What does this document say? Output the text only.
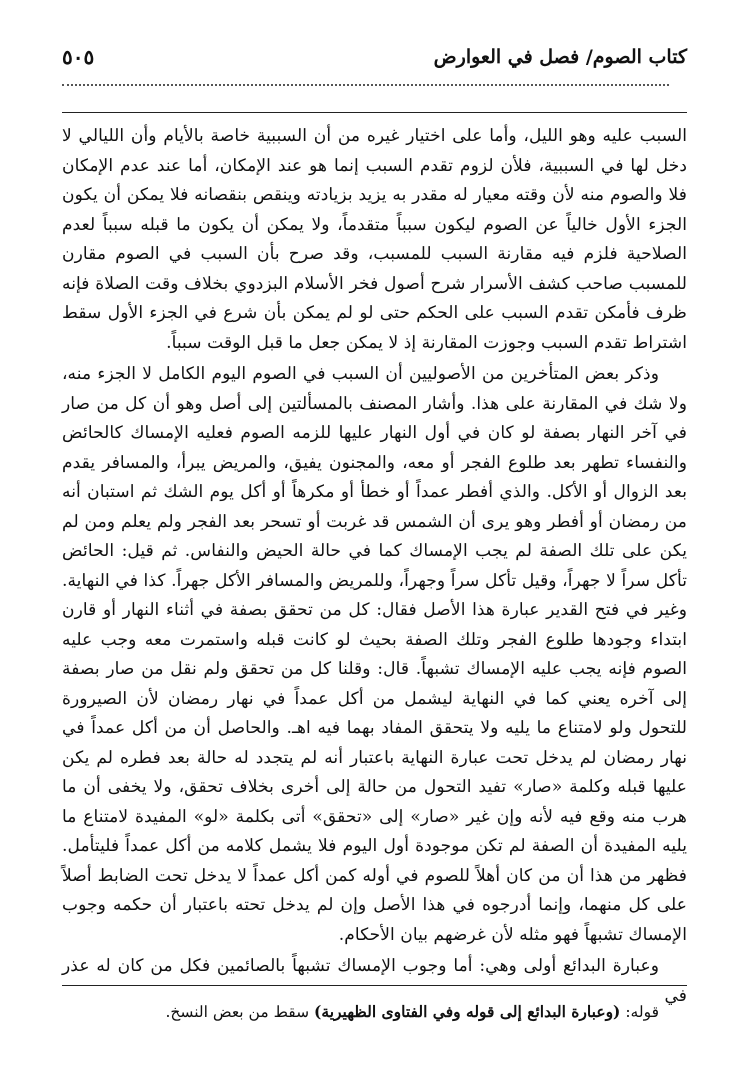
كتاب الصوم/ فصل في العوارض
٥٠٥

السبب عليه وهو الليل، وأما على اختيار غيره من أن السببية خاصة بالأيام وأن الليالي لا دخل لها في السببية، فلأن لزوم تقدم السبب إنما هو عند الإمكان، أما عند عدم الإمكان فلا والصوم منه لأن وقته معيار له مقدر به يزيد بزيادته وينقص بنقصانه فلا يمكن أن يكون الجزء الأول خالياً عن الصوم ليكون سبباً متقدماً، ولا يمكن أن يكون ما قبله سبباً لعدم الصلاحية فلزم فيه مقارنة السبب للمسبب، وقد صرح بأن السبب في الصوم مقارن للمسبب صاحب كشف الأسرار شرح أصول فخر الأسلام البزدوي بخلاف وقت الصلاة فإنه ظرف فأمكن تقدم السبب على الحكم حتى لو لم يمكن بأن شرع في الجزء الأول سقط اشتراط تقدم السبب وجوزت المقارنة إذ لا يمكن جعل ما قبل الوقت سبباً.

وذكر بعض المتأخرين من الأصوليين أن السبب في الصوم اليوم الكامل لا الجزء منه، ولا شك في المقارنة على هذا. وأشار المصنف بالمسألتين إلى أصل وهو أن كل من صار في آخر النهار بصفة لو كان في أول النهار عليها للزمه الصوم فعليه الإمساك كالحائض والنفساء تطهر بعد طلوع الفجر أو معه، والمجنون يفيق، والمريض يبرأ، والمسافر يقدم بعد الزوال أو الأكل. والذي أفطر عمداً أو خطأ أو مكرهاً أو أكل يوم الشك ثم استبان أنه من رمضان أو أفطر وهو يرى أن الشمس قد غربت أو تسحر بعد الفجر ولم يعلم ومن لم يكن على تلك الصفة لم يجب الإمساك كما في حالة الحيض والنفاس. ثم قيل: الحائض تأكل سراً لا جهراً، وقيل تأكل سراً وجهراً، وللمريض والمسافر الأكل جهراً. كذا في النهاية. وغير في فتح القدير عبارة هذا الأصل فقال: كل من تحقق بصفة في أثناء النهار أو قارن ابتداء وجودها طلوع الفجر وتلك الصفة بحيث لو كانت قبله واستمرت معه وجب عليه الصوم فإنه يجب عليه الإمساك تشبهاً. قال: وقلنا كل من تحقق ولم نقل من صار بصفة إلى آخره يعني كما في النهاية ليشمل من أكل عمداً في نهار رمضان لأن الصيرورة للتحول ولو لامتناع ما يليه ولا يتحقق المفاد بهما فيه اهـ. والحاصل أن من أكل عمداً في نهار رمضان لم يدخل تحت عبارة النهاية باعتبار أنه لم يتجدد له حالة بعد فطره لم يكن عليها قبله وكلمة «صار» تفيد التحول من حالة إلى أخرى بخلاف تحقق، ولا يخفى أن ما هرب منه وقع فيه لأنه وإن غير «صار» إلى «تحقق» أتى بكلمة «لو» المفيدة لامتناع ما يليه المفيدة أن الصفة لم تكن موجودة أول اليوم فلا يشمل كلامه من أكل عمداً فليتأمل. فظهر من هذا أن من كان أهلاً للصوم في أوله كمن أكل عمداً لا يدخل تحت الضابط أصلاً على كل منهما، وإنما أدرجوه في هذا الأصل وإن لم يدخل تحته باعتبار أن حكمه وجوب الإمساك تشبهاً فهو مثله لأن غرضهم بيان الأحكام.

وعبارة البدائع أولى وهي: أما وجوب الإمساك تشبهاً بالصائمين فكل من كان له عذر في

قوله: (وعبارة البدائع إلى قوله وفي الفتاوى الظهيرية) سقط من بعض النسخ.
